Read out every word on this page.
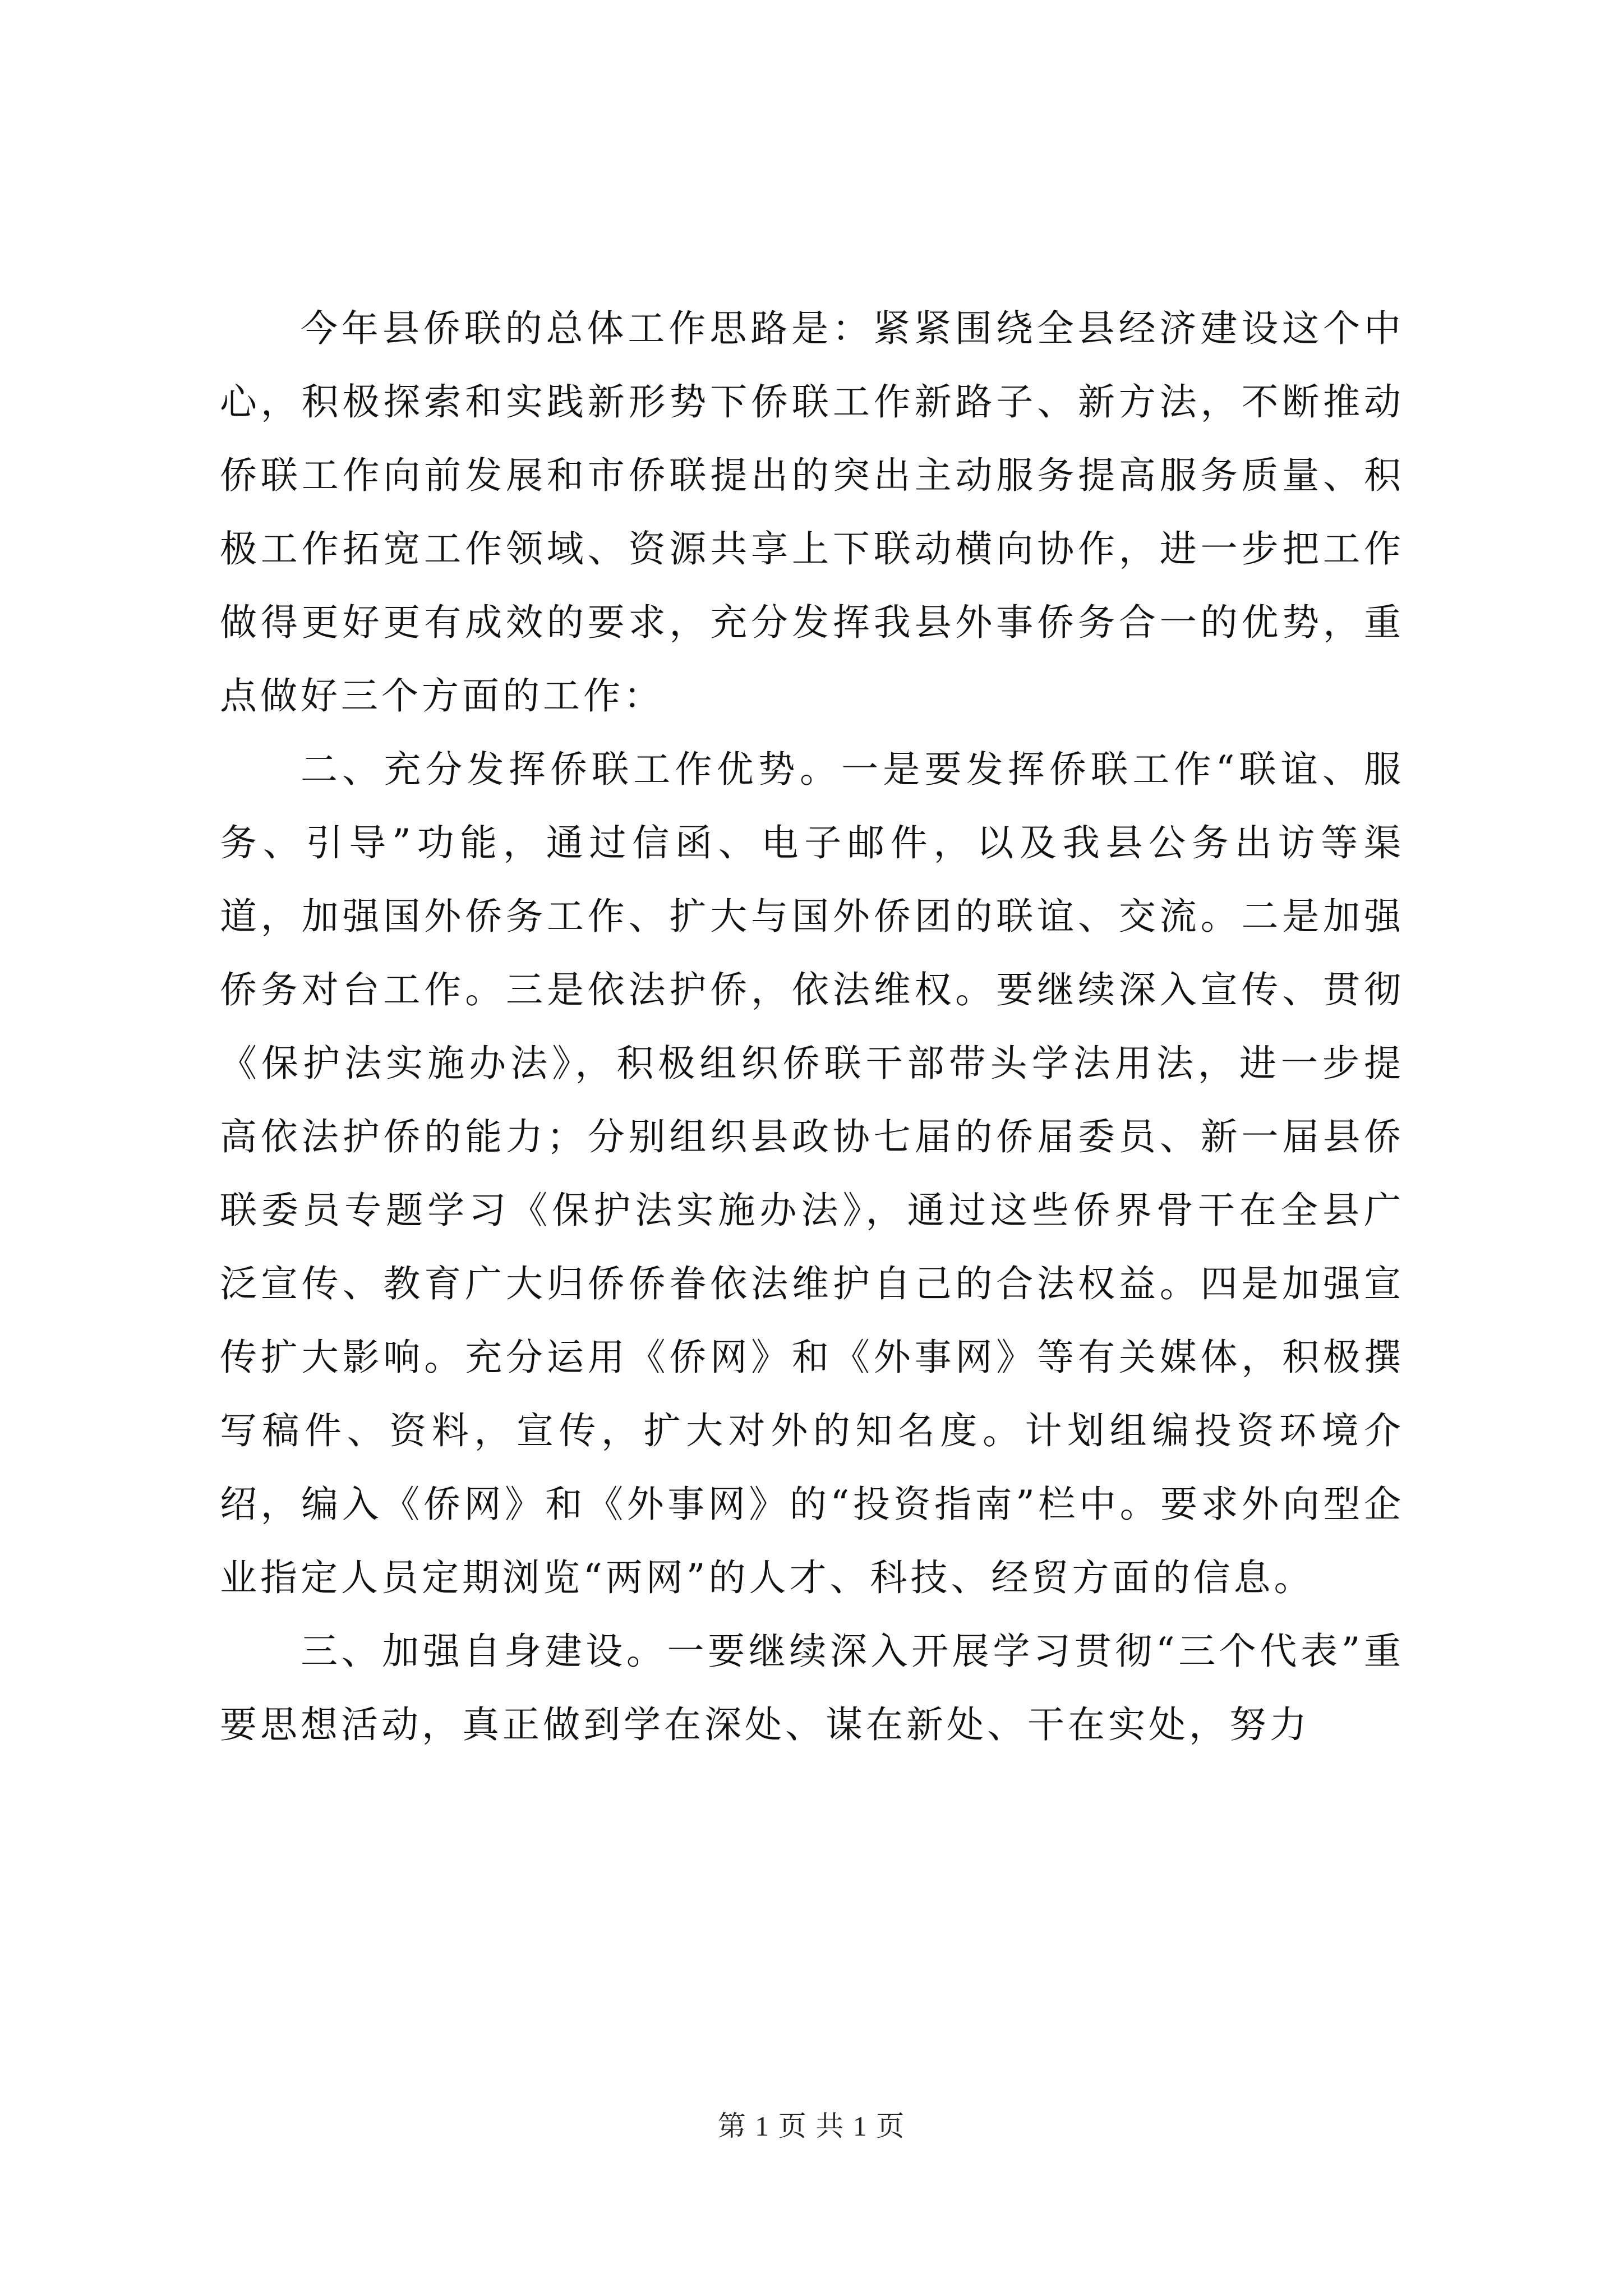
今年县侨联的总体工作思路是：紧紧围绕全县经济建设这个中心，积极探索和实践新形势下侨联工作新路子、新方法，不断推动侨联工作向前发展和市侨联提出的突出主动服务提高服务质量、积极工作拓宽工作领域、资源共享上下联动横向协作，进一步把工作做得更好更有成效的要求，充分发挥我县外事侨务合一的优势，重点做好三个方面的工作：

二、充分发挥侨联工作优势。一是要发挥侨联工作“联谊、服务、引导”功能，通过信函、电子邮件，以及我县公务出访等渠道，加强国外侨务工作、扩大与国外侨团的联谊、交流。二是加强侨务对台工作。三是依法护侨，依法维权。要继续深入宣传、贯彻《保护法实施办法》，积极组织侨联干部带头学法用法，进一步提高依法护侨的能力；分别组织县政协七届的侨届委员、新一届县侨联委员专题学习《保护法实施办法》，通过这些侨界骨干在全县广泛宣传、教育广大归侨侨眷依法维护自己的合法权益。四是加强宣传扩大影响。充分运用《侨网》和《外事网》等有关媒体，积极撰写稿件、资料，宣传，扩大对外的知名度。计划组编投资环境介绍，编入《侨网》和《外事网》的“投资指南”栏中。要求外向型企业指定人员定期浏览“两网”的人才、科技、经贸方面的信息。

三、加强自身建设。一要继续深入开展学习贯彻“三个代表”重要思想活动，真正做到学在深处、谋在新处、干在实处，努力

第 1 页 共 1 页
